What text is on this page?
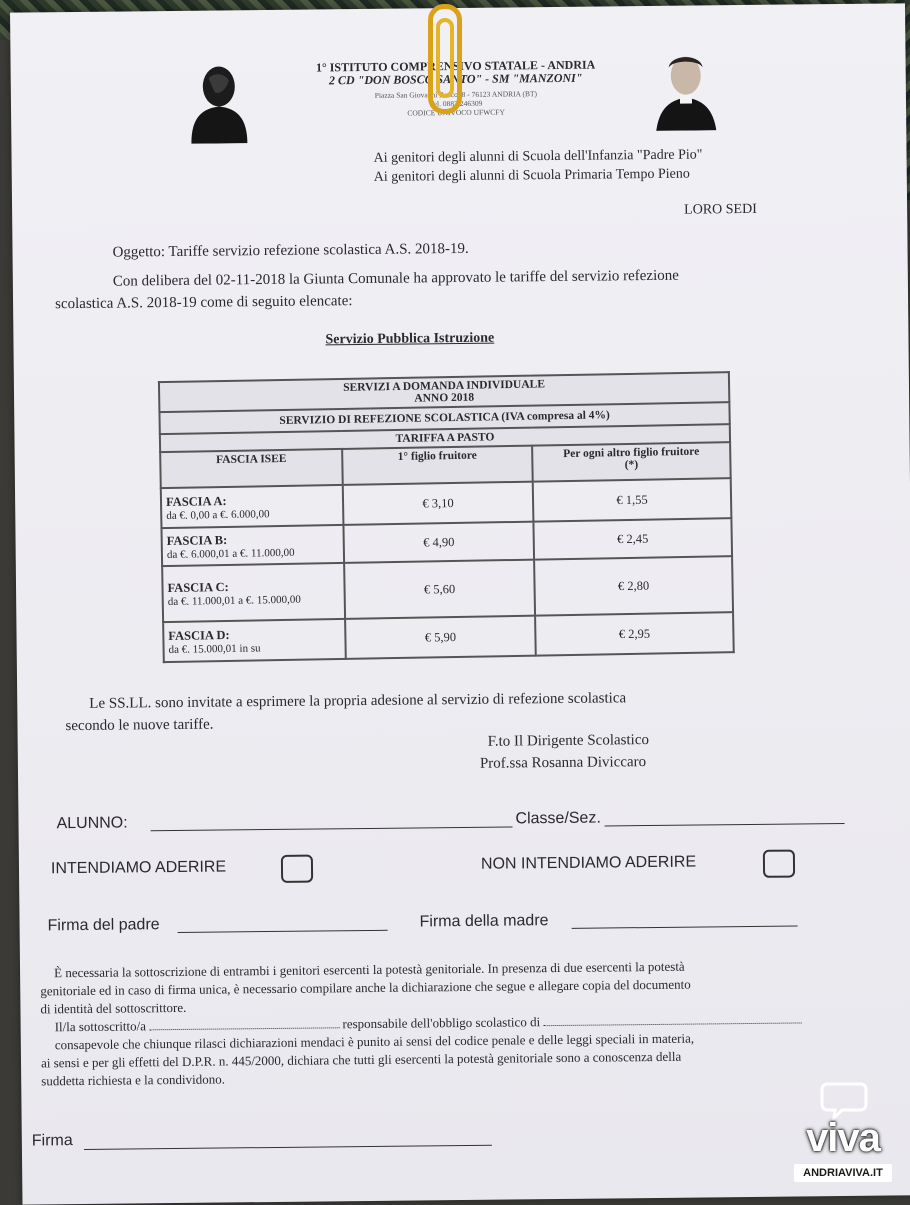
1° ISTITUTO COMPRENSIVO STATALE - ANDRIA
2 CD "DON BOSCO SANTO" - SM "MANZONI"
Piazza San Giovanni Bosco, 8 - 76123 ANDRIA (BT)
Tel. 0883/246309
CODICE UNIVOCO UFWCFY
Ai genitori degli alunni di Scuola dell'Infanzia "Padre Pio"
Ai genitori degli alunni di Scuola Primaria Tempo Pieno
LORO SEDI
Oggetto: Tariffe servizio refezione scolastica A.S. 2018-19.
Con delibera del 02-11-2018 la Giunta Comunale ha approvato le tariffe del servizio refezione
scolastica A.S. 2018-19 come di seguito elencate:
Servizio Pubblica Istruzione
SERVIZI A DOMANDA INDIVIDUALE
ANNO 2018		

SERVIZIO DI REFEZIONE SCOLASTICA (IVA compresa al 4%)		
TARIFFA A PASTO		
FASCIA ISEE	1° figlio fruitore	Per ogni altro figlio fruitore
(*)

FASCIA A:
da €. 0,00 a €. 6.000,00	€ 3,10	€ 1,55

FASCIA B:
da €. 6.000,01 a €. 11.000,00	€ 4,90	€ 2,45

FASCIA C:
da €. 11.000,01 a €. 15.000,00	€ 5,60	€ 2,80

FASCIA D:
da €. 15.000,01 in su	€ 5,90	€ 2,95
Le SS.LL. sono invitate a esprimere la propria adesione al servizio di refezione scolastica
secondo le nuove tariffe.
F.to Il Dirigente Scolastico
Prof.ssa Rosanna Diviccaro
ALUNNO:	Classe/Sez.
INTENDIAMO ADERIRE	NON INTENDIAMO ADERIRE
Firma del padre	Firma della madre
È necessaria la sottoscrizione di entrambi i genitori esercenti la potestà genitoriale. In presenza di due esercenti la potestà
genitoriale ed in caso di firma unica, è necessario compilare anche la dichiarazione che segue e allegare copia del documento
di identità del sottoscrittore.
Il/la sottoscritto/a	responsabile dell'obbligo scolastico di
consapevole che chiunque rilasci dichiarazioni mendaci è punito ai sensi del codice penale e delle leggi speciali in materia,
ai sensi e per gli effetti del D.P.R. n. 445/2000, dichiara che tutti gli esercenti la potestà genitoriale sono a conoscenza della
suddetta richiesta e la condividono.
Firma	viva
ANDRIAVIVA.IT
